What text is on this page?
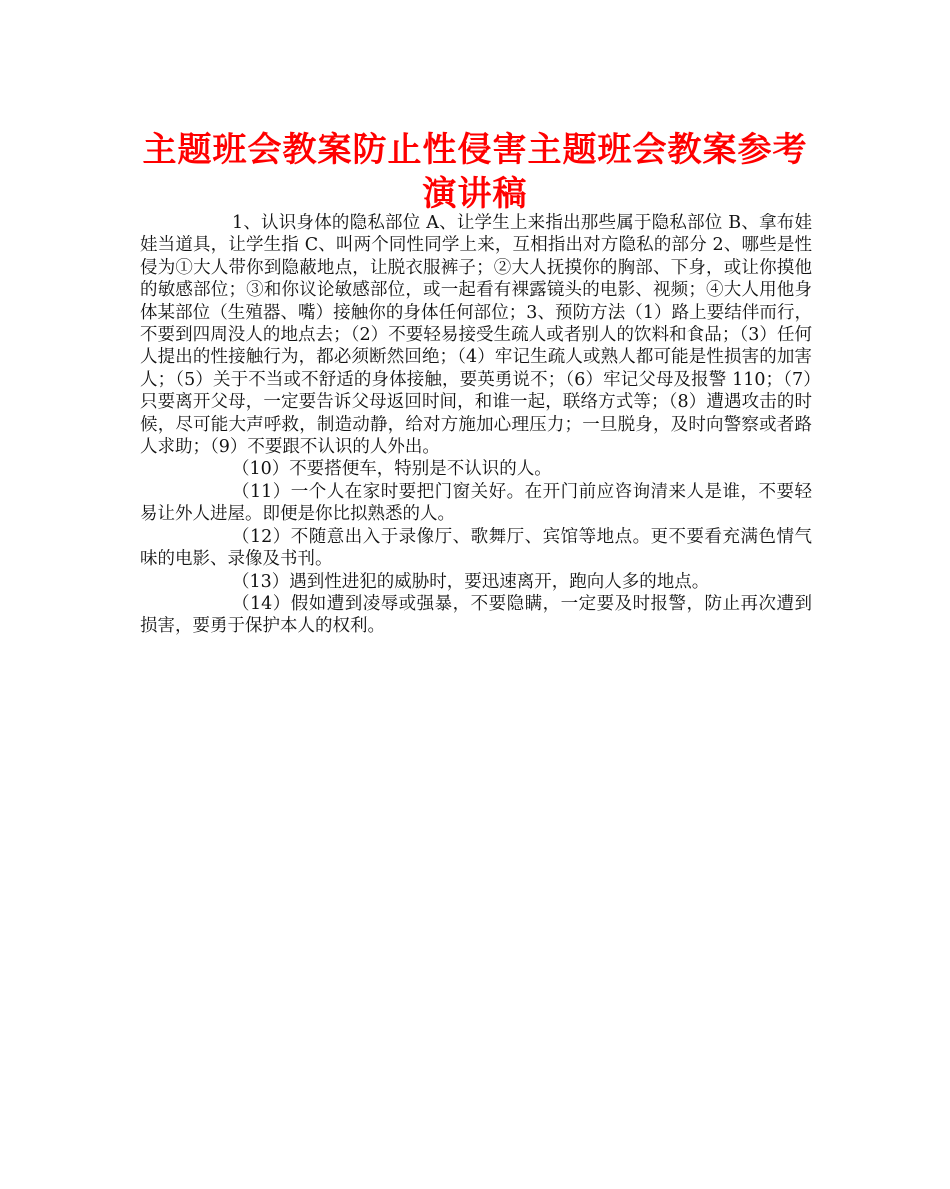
主题班会教案防止性侵害主题班会教案参考演讲稿

1、认识身体的隐私部位 A、让学生上来指出那些属于隐私部位 B、拿布娃娃当道具，让学生指 C、叫两个同性同学上来，互相指出对方隐私的部分 2、哪些是性侵为①大人带你到隐蔽地点，让脱衣服裤子；②大人抚摸你的胸部、下身，或让你摸他的敏感部位；③和你议论敏感部位，或一起看有裸露镜头的电影、视频；④大人用他身体某部位（生殖器、嘴）接触你的身体任何部位；3、预防方法（1）路上要结伴而行，不要到四周没人的地点去；（2）不要轻易接受生疏人或者别人的饮料和食品；（3）任何人提出的性接触行为，都必须断然回绝；（4）牢记生疏人或熟人都可能是性损害的加害人；（5）关于不当或不舒适的身体接触，要英勇说不；（6）牢记父母及报警 110；（7）只要离开父母，一定要告诉父母返回时间，和谁一起，联络方式等；（8）遭遇攻击的时候，尽可能大声呼救，制造动静，给对方施加心理压力；一旦脱身，及时向警察或者路人求助；（9）不要跟不认识的人外出。

（10）不要搭便车，特别是不认识的人。

（11）一个人在家时要把门窗关好。在开门前应咨询清来人是谁，不要轻易让外人进屋。即便是你比拟熟悉的人。

（12）不随意出入于录像厅、歌舞厅、宾馆等地点。更不要看充满色情气味的电影、录像及书刊。

（13）遇到性进犯的威胁时，要迅速离开，跑向人多的地点。

（14）假如遭到凌辱或强暴，不要隐瞒，一定要及时报警，防止再次遭到损害，要勇于保护本人的权利。
